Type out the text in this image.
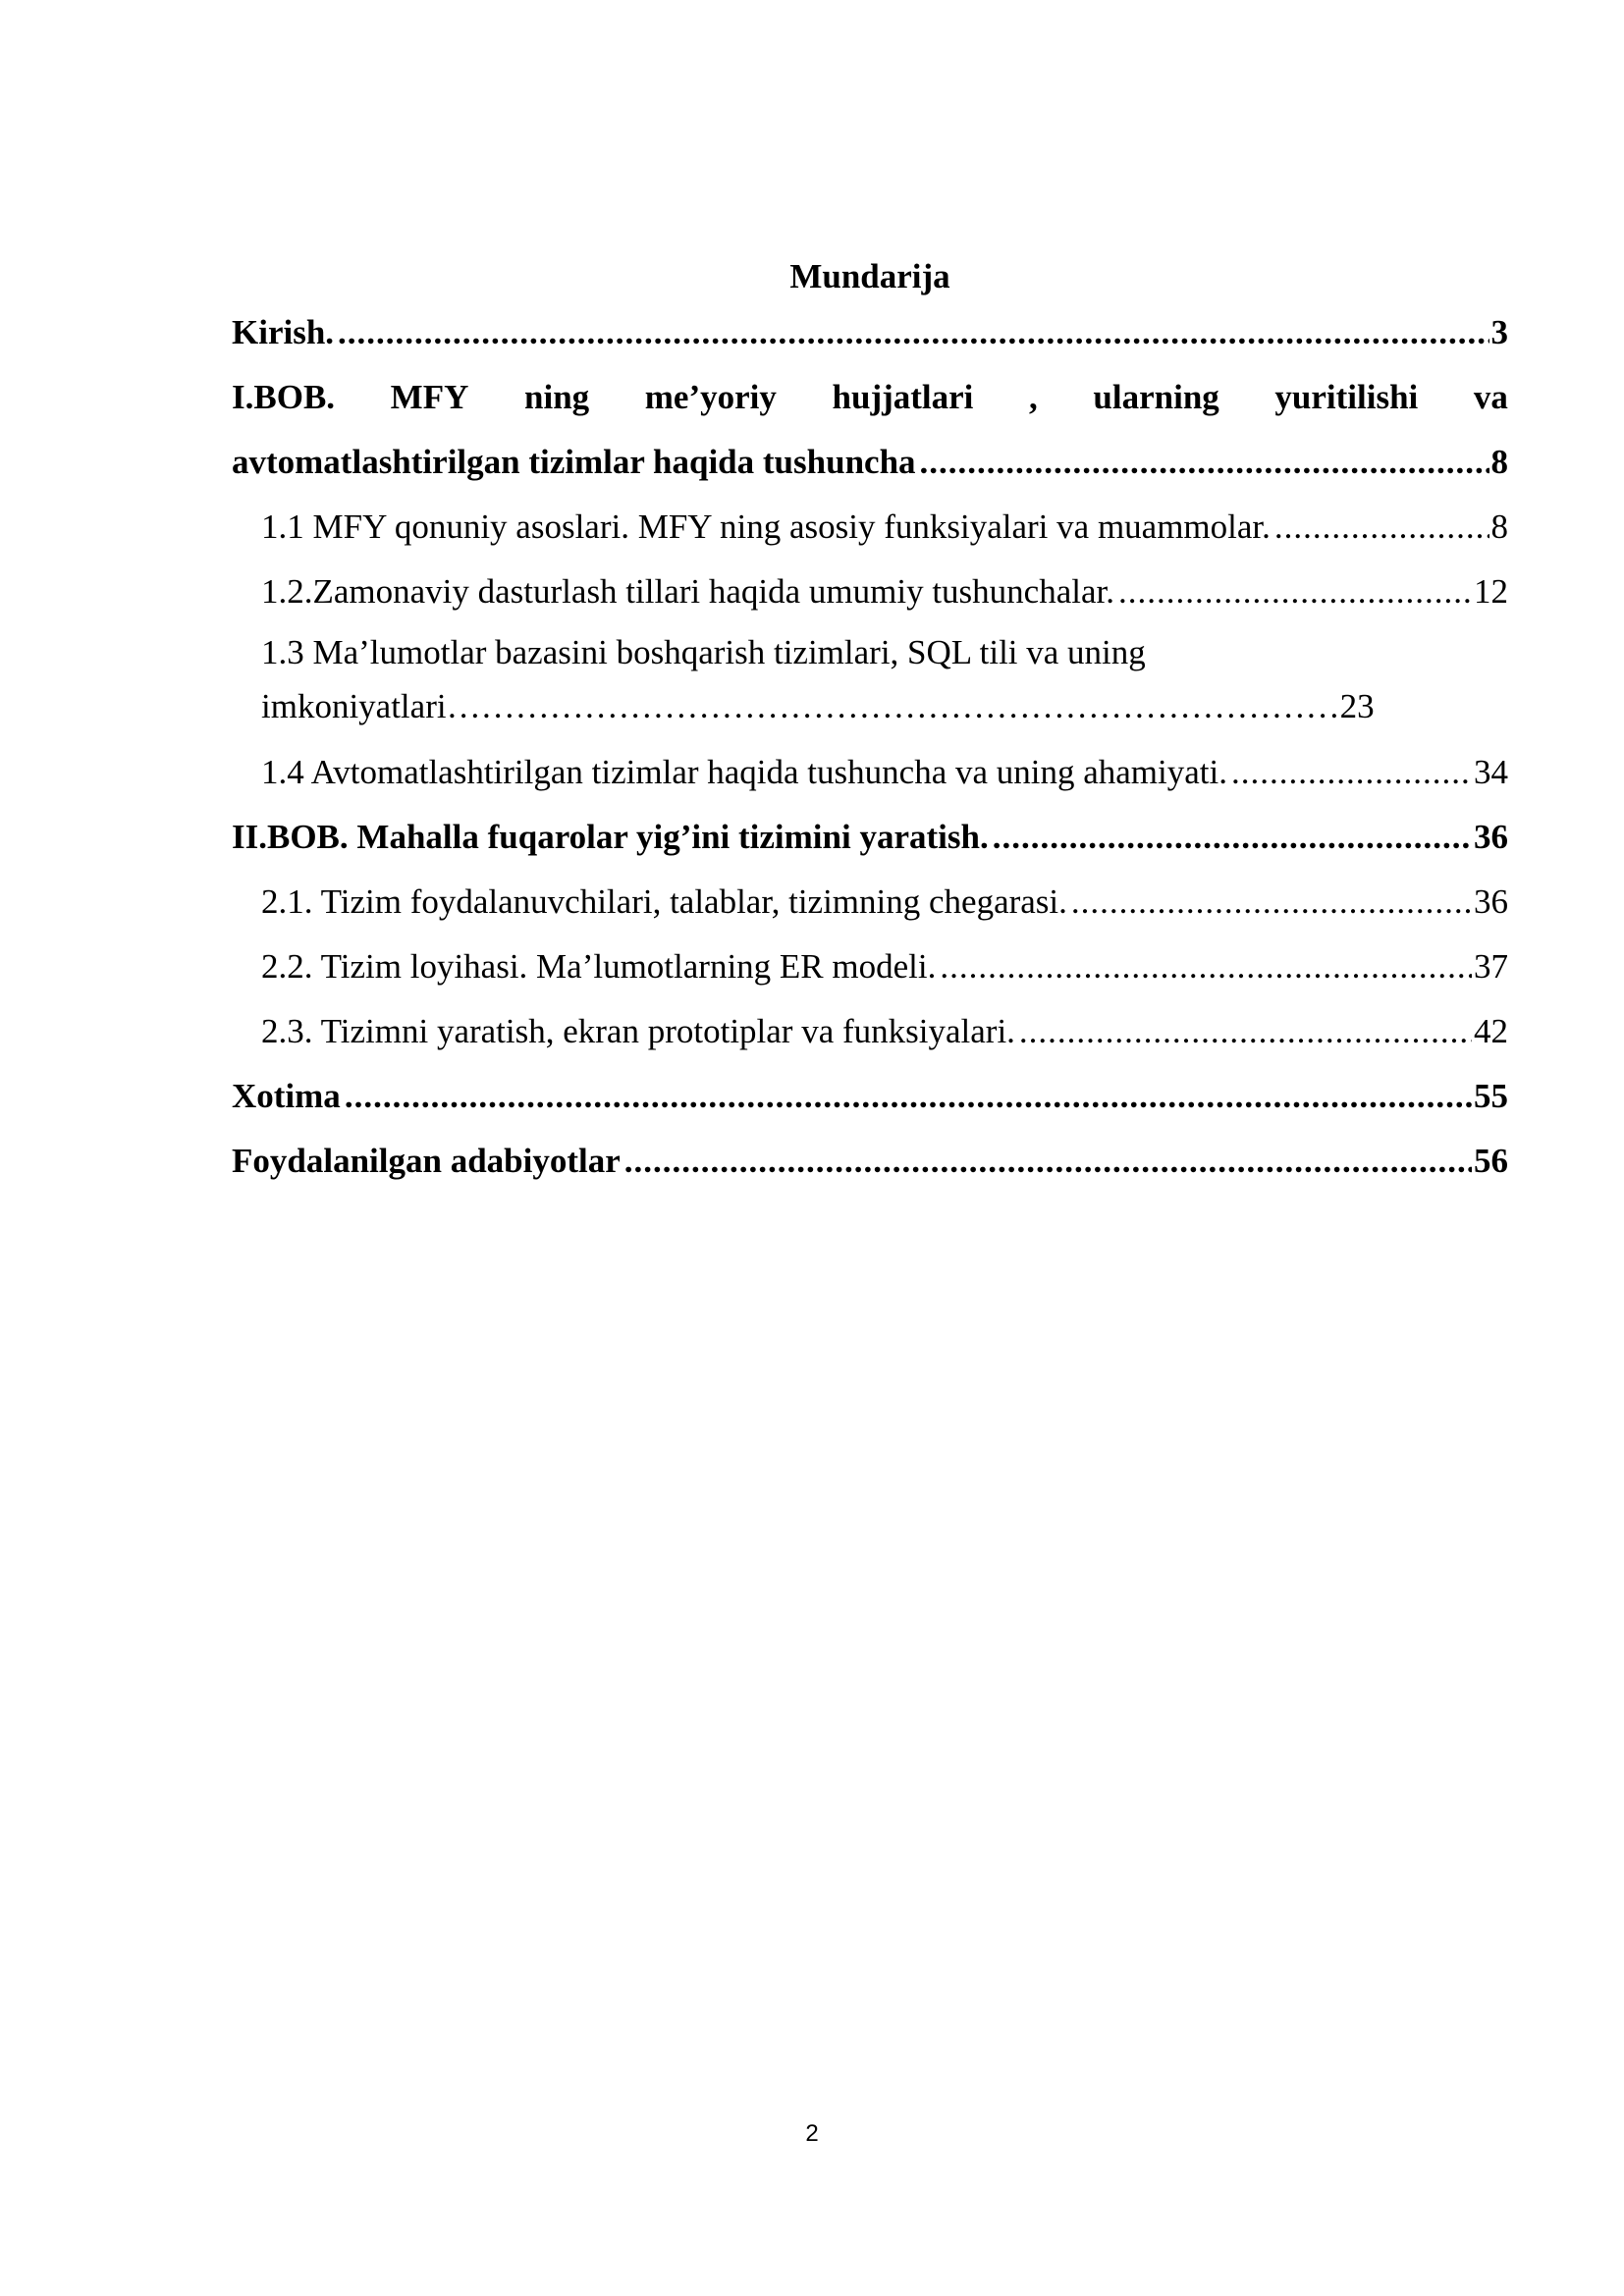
Mundarija
Kirish. .....	3
I.BOB. MFY ning me’yoriy hujjatlari , ularning yuritilishi va
avtomatlashtirilgan tizimlar haqida tushuncha .....	8
1.1 MFY qonuniy asoslari. MFY ning asosiy funksiyalari va muammolar. .....	8
1.2.Zamonaviy dasturlash tillari haqida umumiy tushunchalar. .....	12
1.3 Ma’lumotlar bazasini boshqarish tizimlari, SQL tili va uning
imkoniyatlari …………………………………………………………………… 23
1.4 Avtomatlashtirilgan tizimlar haqida tushuncha va uning ahamiyati. .....	34
II.BOB. Mahalla fuqarolar yig’ini tizimini yaratish. .....	36
2.1. Tizim foydalanuvchilari, talablar, tizimning chegarasi. .....	36
2.2. Tizim loyihasi. Ma’lumotlarning ER modeli. .....	37
2.3. Tizimni yaratish, ekran prototiplar va funksiyalari. .....	42
Xotima .....	55
Foydalanilgan adabiyotlar .....	56
2
